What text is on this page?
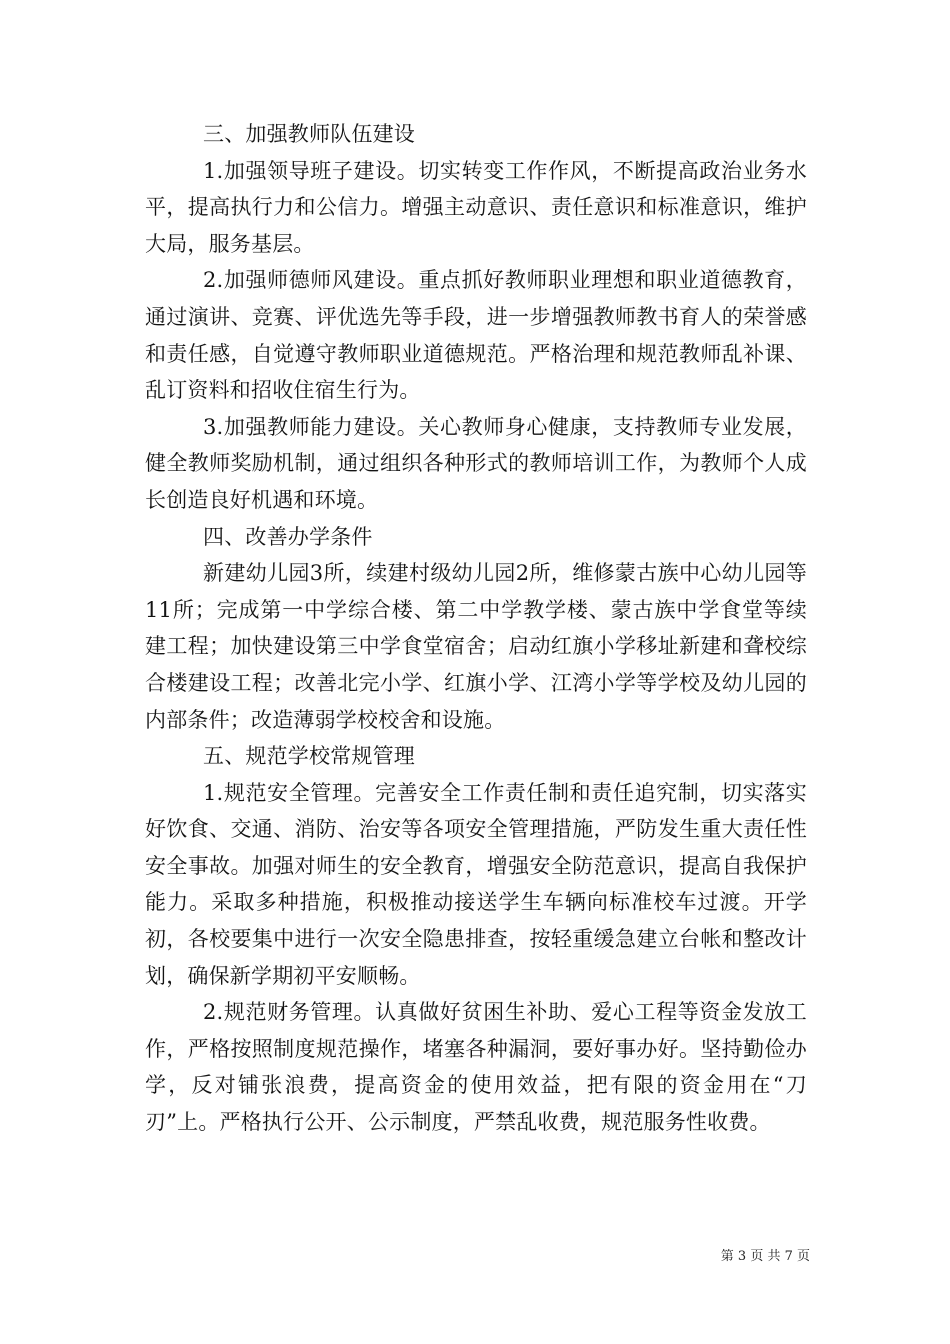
三、加强教师队伍建设

1.加强领导班子建设。切实转变工作作风，不断提高政治业务水平，提高执行力和公信力。增强主动意识、责任意识和标准意识，维护大局，服务基层。

2.加强师德师风建设。重点抓好教师职业理想和职业道德教育，通过演讲、竞赛、评优选先等手段，进一步增强教师教书育人的荣誉感和责任感，自觉遵守教师职业道德规范。严格治理和规范教师乱补课、乱订资料和招收住宿生行为。

3.加强教师能力建设。关心教师身心健康，支持教师专业发展，健全教师奖励机制，通过组织各种形式的教师培训工作，为教师个人成长创造良好机遇和环境。

四、改善办学条件

新建幼儿园3所，续建村级幼儿园2所，维修蒙古族中心幼儿园等11所；完成第一中学综合楼、第二中学教学楼、蒙古族中学食堂等续建工程；加快建设第三中学食堂宿舍；启动红旗小学移址新建和聋校综合楼建设工程；改善北完小学、红旗小学、江湾小学等学校及幼儿园的内部条件；改造薄弱学校校舍和设施。

五、规范学校常规管理

1.规范安全管理。完善安全工作责任制和责任追究制，切实落实好饮食、交通、消防、治安等各项安全管理措施，严防发生重大责任性安全事故。加强对师生的安全教育，增强安全防范意识，提高自我保护能力。采取多种措施，积极推动接送学生车辆向标准校车过渡。开学初，各校要集中进行一次安全隐患排查，按轻重缓急建立台帐和整改计划，确保新学期初平安顺畅。

2.规范财务管理。认真做好贫困生补助、爱心工程等资金发放工作，严格按照制度规范操作，堵塞各种漏洞，要好事办好。坚持勤俭办学，反对铺张浪费，提高资金的使用效益，把有限的资金用在“刀刃”上。严格执行公开、公示制度，严禁乱收费，规范服务性收费。

第 3 页 共 7 页
